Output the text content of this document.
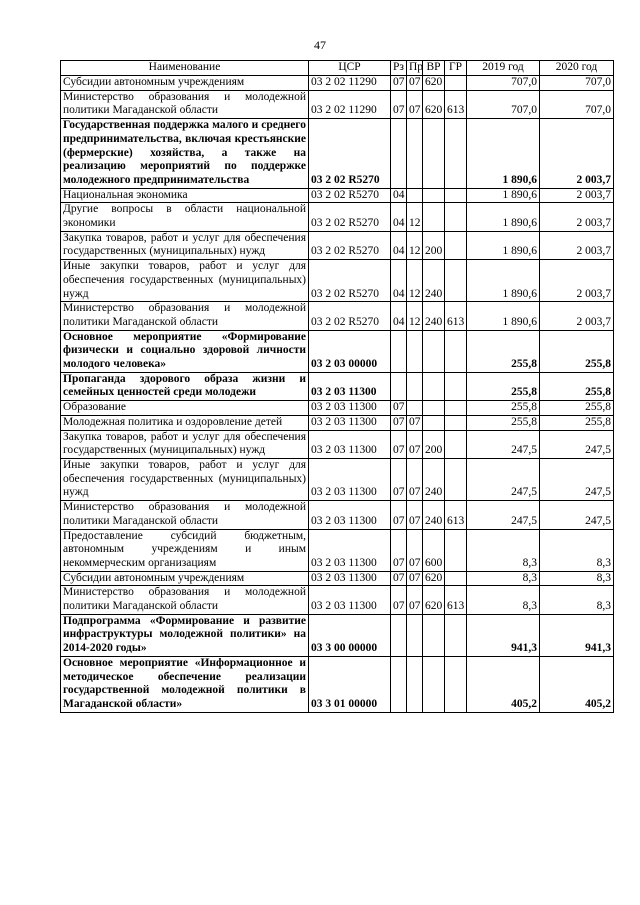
47
Наименование	ЦСР	Рз	Пр	ВР	ГР	2019 год	2020 год
Субсидии автономным учреждениям	03 2 02 11290	07	07	620		707,0	707,0
Министерство образования и молодежной политики Магаданской области	03 2 02 11290	07	07	620	613	707,0	707,0
Государственная поддержка малого и среднего предпринимательства, включая крестьянские (фермерские) хозяйства, а также на реализацию мероприятий по поддержке молодежного предпринимательства	03 2 02 R5270					1 890,6	2 003,7
Национальная экономика	03 2 02 R5270	04				1 890,6	2 003,7
Другие вопросы в области национальной экономики	03 2 02 R5270	04	12			1 890,6	2 003,7
Закупка товаров, работ и услуг для обеспечения государственных (муниципальных) нужд	03 2 02 R5270	04	12	200		1 890,6	2 003,7
Иные закупки товаров, работ и услуг для обеспечения государственных (муниципальных) нужд	03 2 02 R5270	04	12	240		1 890,6	2 003,7
Министерство образования и молодежной политики Магаданской области	03 2 02 R5270	04	12	240	613	1 890,6	2 003,7
Основное мероприятие «Формирование физически и социально здоровой личности молодого человека»	03 2 03 00000					255,8	255,8
Пропаганда здорового образа жизни и семейных ценностей среди молодежи	03 2 03 11300					255,8	255,8
Образование	03 2 03 11300	07				255,8	255,8
Молодежная политика и оздоровление детей	03 2 03 11300	07	07			255,8	255,8
Закупка товаров, работ и услуг для обеспечения государственных (муниципальных) нужд	03 2 03 11300	07	07	200		247,5	247,5
Иные закупки товаров, работ и услуг для обеспечения государственных (муниципальных) нужд	03 2 03 11300	07	07	240		247,5	247,5
Министерство образования и молодежной политики Магаданской области	03 2 03 11300	07	07	240	613	247,5	247,5
Предоставление субсидий бюджетным, автономным учреждениям и иным некоммерческим организациям	03 2 03 11300	07	07	600		8,3	8,3
Субсидии автономным учреждениям	03 2 03 11300	07	07	620		8,3	8,3
Министерство образования и молодежной политики Магаданской области	03 2 03 11300	07	07	620	613	8,3	8,3
Подпрограмма «Формирование и развитие инфраструктуры молодежной политики» на 2014-2020 годы»	03 3 00 00000					941,3	941,3
Основное мероприятие «Информационное и методическое обеспечение реализации государственной молодежной политики в Магаданской области»	03 3 01 00000					405,2	405,2
